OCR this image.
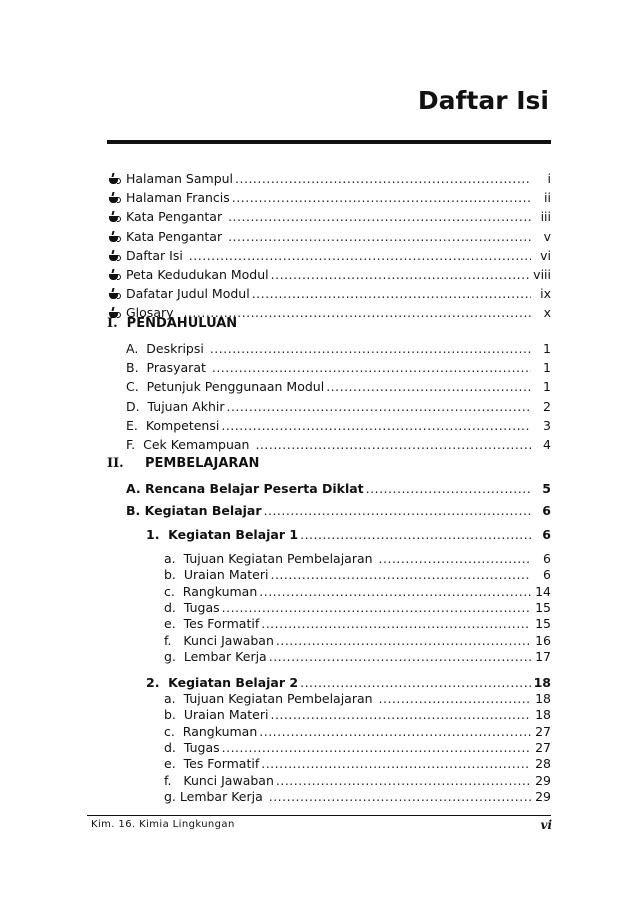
Daftar Isi
Halaman Sampul .....	i
Halaman Francis .....	ii
Kata Pengantar .....	iii
Kata Pengantar .....	v
Daftar Isi .....	vi
Peta Kedudukan Modul .....	viii
Dafatar Judul Modul .....	ix
Glosary .....	x
I. PENDAHULUAN
A.  Deskripsi .....	1
B.  Prasyarat .....	1
C.  Petunjuk Penggunaan Modul .....	1
D.  Tujuan Akhir .....	2
E.  Kompetensi .....	3
F.  Cek Kemampuan .....	4
II. PEMBELAJARAN
A. Rencana Belajar Peserta Diklat .....	5
B. Kegiatan Belajar .....	6
1.  Kegiatan Belajar 1 .....	6
a.  Tujuan Kegiatan Pembelajaran .....	6
b.  Uraian Materi .....	6
c.  Rangkuman .....	14
d.  Tugas .....	15
e.  Tes Formatif .....	15
f.   Kunci Jawaban .....	16
g.  Lembar Kerja .....	17
2.  Kegiatan Belajar 2 .....	18
a.  Tujuan Kegiatan Pembelajaran .....	18
b.  Uraian Materi .....	18
c.  Rangkuman .....	27
d.  Tugas .....	27
e.  Tes Formatif .....	28
f.   Kunci Jawaban .....	29
g. Lembar Kerja .....	29
Kim. 16. Kimia Lingkungan	vi
